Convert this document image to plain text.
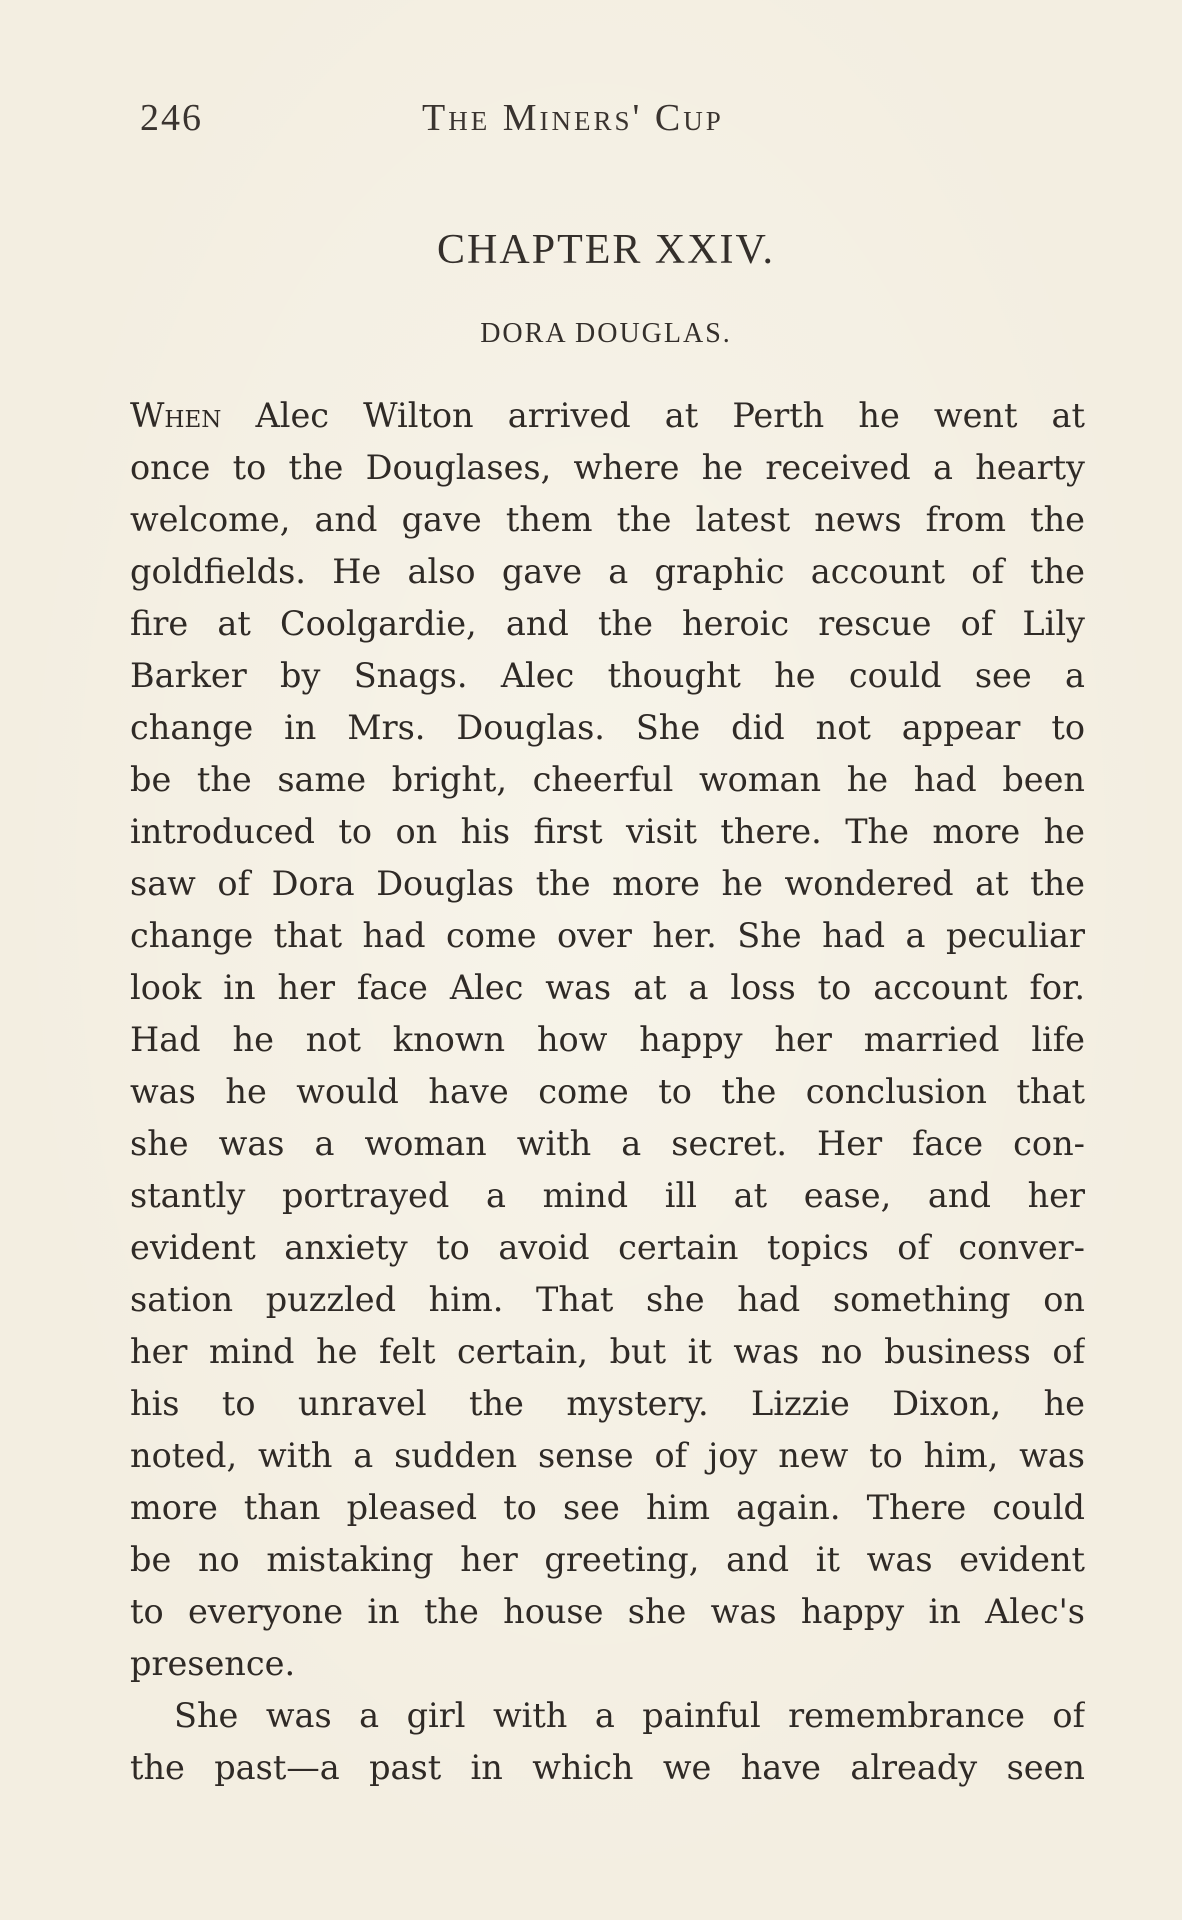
246	The Miners' Cup
CHAPTER XXIV.
DORA DOUGLAS.
When Alec Wilton arrived at Perth he went at
once to the Douglases, where he received a hearty
welcome, and gave them the latest news from the
goldfields. He also gave a graphic account of the
fire at Coolgardie, and the heroic rescue of Lily
Barker by Snags. Alec thought he could see a
change in Mrs. Douglas. She did not appear to
be the same bright, cheerful woman he had been
introduced to on his first visit there. The more he
saw of Dora Douglas the more he wondered at the
change that had come over her. She had a peculiar
look in her face Alec was at a loss to account for.
Had he not known how happy her married life
was he would have come to the conclusion that
she was a woman with a secret. Her face con-
stantly portrayed a mind ill at ease, and her
evident anxiety to avoid certain topics of conver-
sation puzzled him. That she had something on
her mind he felt certain, but it was no business of
his to unravel the mystery. Lizzie Dixon, he
noted, with a sudden sense of joy new to him, was
more than pleased to see him again. There could
be no mistaking her greeting, and it was evident
to everyone in the house she was happy in Alec's
presence.
She was a girl with a painful remembrance of
the past—a past in which we have already seen
